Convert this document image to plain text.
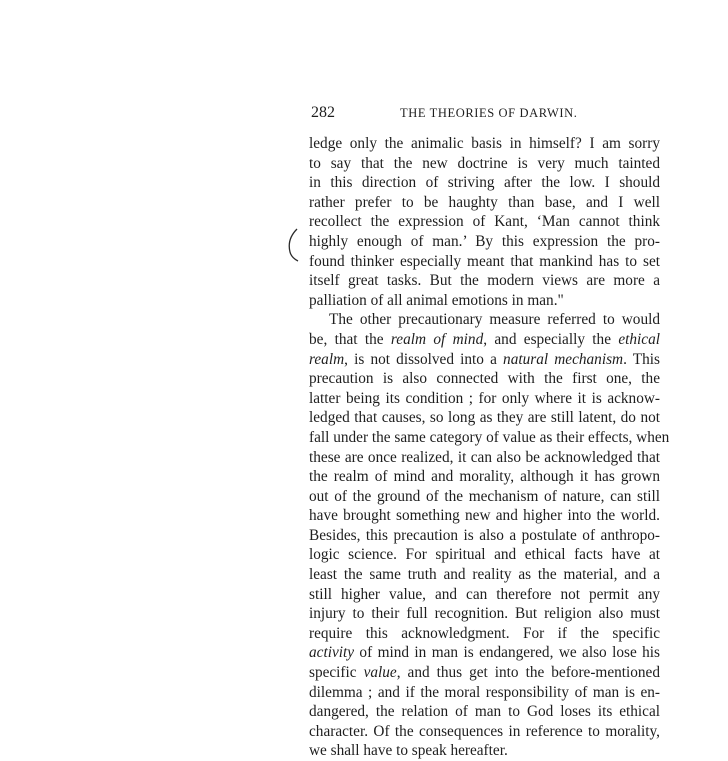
282	THE THEORIES OF DARWIN.
ledge only the animalic basis in himself? I am sorry
to say that the new doctrine is very much tainted
in this direction of striving after the low. I should
rather prefer to be haughty than base, and I well
recollect the expression of Kant, ‘Man cannot think
highly enough of man.’ By this expression the pro-
found thinker especially meant that mankind has to set
itself great tasks. But the modern views are more a
palliation of all animal emotions in man."
The other precautionary measure referred to would
be, that the realm of mind, and especially the ethical
realm, is not dissolved into a natural mechanism. This
precaution is also connected with the first one, the
latter being its condition ; for only where it is acknow-
ledged that causes, so long as they are still latent, do not
fall under the same category of value as their effects, when
these are once realized, it can also be acknowledged that
the realm of mind and morality, although it has grown
out of the ground of the mechanism of nature, can still
have brought something new and higher into the world.
Besides, this precaution is also a postulate of anthropo-
logic science. For spiritual and ethical facts have at
least the same truth and reality as the material, and a
still higher value, and can therefore not permit any
injury to their full recognition. But religion also must
require this acknowledgment. For if the specific
activity of mind in man is endangered, we also lose his
specific value, and thus get into the before-mentioned
dilemma ; and if the moral responsibility of man is en-
dangered, the relation of man to God loses its ethical
character. Of the consequences in reference to morality,
we shall have to speak hereafter.
